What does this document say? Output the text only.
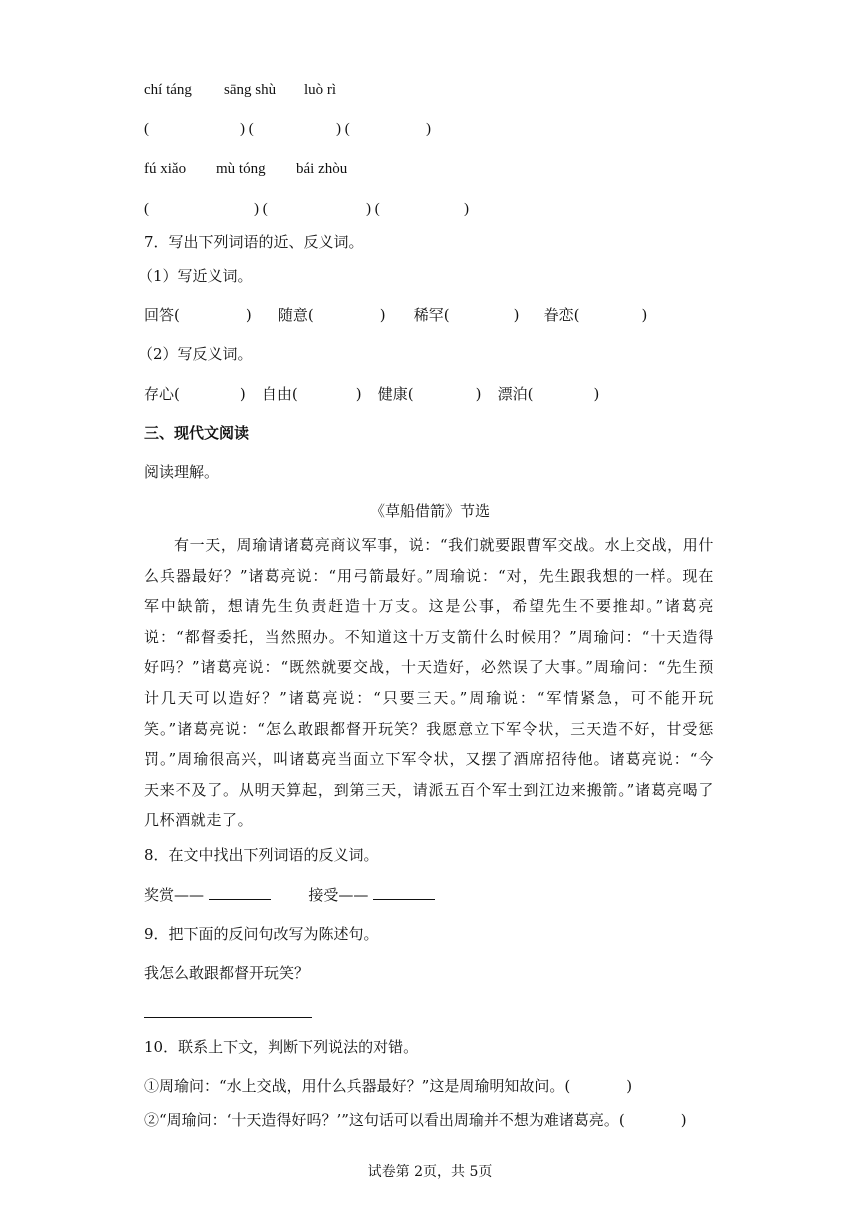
chí táng sāng shù luò rì
(	) (	) (	)
fú xiǎo mù tóng bái zhòu
(	) (	) (	)
7．写出下列词语的近、反义词。
（1）写近义词。
回答(	) 随意(	) 稀罕(	) 眷恋(	)
（2）写反义词。
存心(	) 自由(	) 健康(	) 漂泊(	)
三、现代文阅读
阅读理解。
《草船借箭》节选
有一天，周瑜请诸葛亮商议军事，说：“我们就要跟曹军交战。水上交战，用什么兵器最好？”诸葛亮说：“用弓箭最好。”周瑜说：“对，先生跟我想的一样。现在军中缺箭，想请先生负责赶造十万支。这是公事，希望先生不要推却。”诸葛亮说：“都督委托，当然照办。不知道这十万支箭什么时候用？”周瑜问：“十天造得好吗？”诸葛亮说：“既然就要交战，十天造好，必然误了大事。”周瑜问：“先生预计几天可以造好？”诸葛亮说：“只要三天。”周瑜说：“军情紧急，可不能开玩笑。”诸葛亮说：“怎么敢跟都督开玩笑？我愿意立下军令状，三天造不好，甘受惩罚。”周瑜很高兴，叫诸葛亮当面立下军令状，又摆了酒席招待他。诸葛亮说：“今天来不及了。从明天算起，到第三天，请派五百个军士到江边来搬箭。”诸葛亮喝了几杯酒就走了。
8．在文中找出下列词语的反义词。
奖赏——	接受——
9．把下面的反问句改写为陈述句。
我怎么敢跟都督开玩笑？
10．联系上下文，判断下列说法的对错。
①周瑜问：“水上交战，用什么兵器最好？”这是周瑜明知故问。(	)
②“周瑜问：‘十天造得好吗？’”这句话可以看出周瑜并不想为难诸葛亮。(	)
试卷第 2页，共 5页
